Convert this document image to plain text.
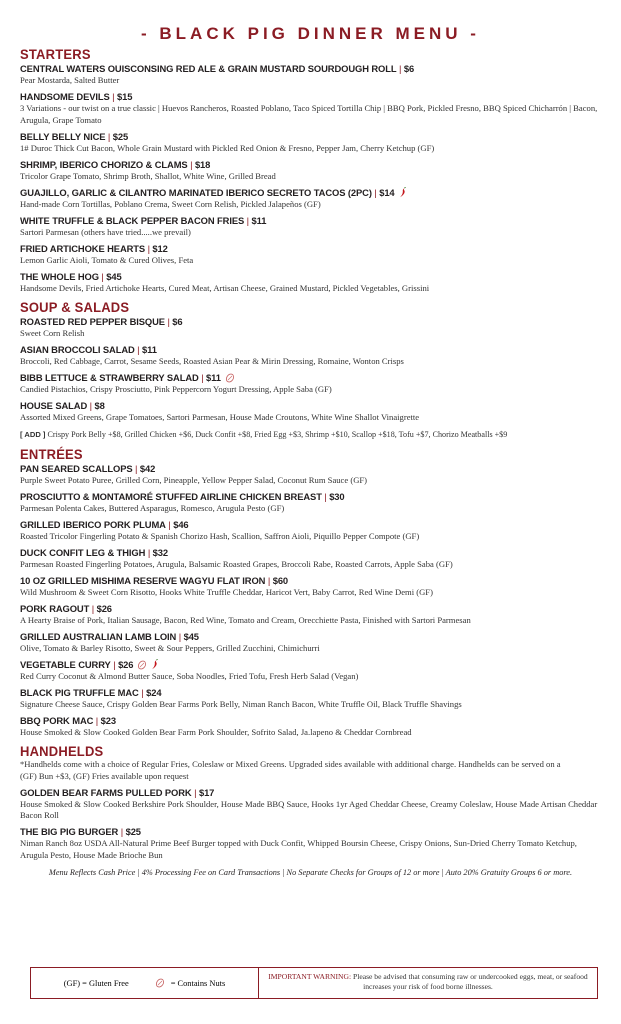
- BLACK PIG DINNER MENU -
STARTERS
CENTRAL WATERS OUISCONSING RED ALE & GRAIN MUSTARD SOURDOUGH ROLL | $6
Pear Mostarda, Salted Butter
HANDSOME DEVILS | $15
3 Variations - our twist on a true classic | Huevos Rancheros, Roasted Poblano, Taco Spiced Tortilla Chip | BBQ Pork, Pickled Fresno, BBQ Spiced Chicharrón | Bacon, Arugula, Grape Tomato
BELLY BELLY NICE | $25
1# Duroc Thick Cut Bacon, Whole Grain Mustard with Pickled Red Onion & Fresno, Pepper Jam, Cherry Ketchup (GF)
SHRIMP, IBERICO CHORIZO & CLAMS | $18
Tricolor Grape Tomato, Shrimp Broth, Shallot, White Wine, Grilled Bread
GUAJILLO, GARLIC & CILANTRO MARINATED IBERICO SECRETO TACOS (2PC) | $14
Hand-made Corn Tortillas, Poblano Crema, Sweet Corn Relish, Pickled Jalapeños (GF)
WHITE TRUFFLE & BLACK PEPPER BACON FRIES | $11
Sartori Parmesan (others have tried.....we prevail)
FRIED ARTICHOKE HEARTS | $12
Lemon Garlic Aioli, Tomato & Cured Olives, Feta
THE WHOLE HOG | $45
Handsome Devils, Fried Artichoke Hearts, Cured Meat, Artisan Cheese, Grained Mustard, Pickled Vegetables, Grissini
SOUP & SALADS
ROASTED RED PEPPER BISQUE | $6
Sweet Corn Relish
ASIAN BROCCOLI SALAD | $11
Broccoli, Red Cabbage, Carrot, Sesame Seeds, Roasted Asian Pear & Mirin Dressing, Romaine, Wonton Crisps
BIBB LETTUCE & STRAWBERRY SALAD | $11
Candied Pistachios, Crispy Prosciutto, Pink Peppercorn Yogurt Dressing, Apple Saba (GF)
HOUSE SALAD | $8
Assorted Mixed Greens, Grape Tomatoes, Sartori Parmesan, House Made Croutons, White Wine Shallot Vinaigrette
[ ADD ] Crispy Pork Belly +$8, Grilled Chicken +$6, Duck Confit +$8, Fried Egg +$3, Shrimp +$10, Scallop +$18, Tofu +$7, Chorizo Meatballs +$9
ENTRÉES
PAN SEARED SCALLOPS | $42
Purple Sweet Potato Puree, Grilled Corn, Pineapple, Yellow Pepper Salad, Coconut Rum Sauce (GF)
PROSCIUTTO & MONTAMORÉ STUFFED AIRLINE CHICKEN BREAST | $30
Parmesan Polenta Cakes, Buttered Asparagus, Romesco, Arugula Pesto (GF)
GRILLED IBERICO PORK PLUMA | $46
Roasted Tricolor Fingerling Potato & Spanish Chorizo Hash, Scallion, Saffron Aioli, Piquillo Pepper Compote (GF)
DUCK CONFIT LEG & THIGH | $32
Parmesan Roasted Fingerling Potatoes, Arugula, Balsamic Roasted Grapes, Broccoli Rabe, Roasted Carrots, Apple Saba (GF)
10 OZ GRILLED MISHIMA RESERVE WAGYU FLAT IRON | $60
Wild Mushroom & Sweet Corn Risotto, Hooks White Truffle Cheddar, Haricot Vert, Baby Carrot, Red Wine Demi (GF)
PORK RAGOUT | $26
A Hearty Braise of Pork, Italian Sausage, Bacon, Red Wine, Tomato and Cream, Orecchiette Pasta, Finished with Sartori Parmesan
GRILLED AUSTRALIAN LAMB LOIN | $45
Olive, Tomato & Barley Risotto, Sweet & Sour Peppers, Grilled Zucchini, Chimichurri
VEGETABLE CURRY | $26
Red Curry Coconut & Almond Butter Sauce, Soba Noodles, Fried Tofu, Fresh Herb Salad (Vegan)
BLACK PIG TRUFFLE MAC | $24
Signature Cheese Sauce, Crispy Golden Bear Farms Pork Belly, Niman Ranch Bacon, White Truffle Oil, Black Truffle Shavings
BBQ PORK MAC | $23
House Smoked & Slow Cooked Golden Bear Farm Pork Shoulder, Sofrito Salad, Ja.lapeno & Cheddar Cornbread
HANDHELDS
*Handhelds come with a choice of Regular Fries, Coleslaw or Mixed Greens. Upgraded sides available with additional charge. Handhelds can be served on a (GF) Bun +$3, (GF) Fries available upon request
GOLDEN BEAR FARMS PULLED PORK | $17
House Smoked & Slow Cooked Berkshire Pork Shoulder, House Made BBQ Sauce, Hooks 1yr Aged Cheddar Cheese, Creamy Coleslaw, House Made Artisan Cheddar Bacon Roll
THE BIG PIG BURGER | $25
Niman Ranch 8oz USDA All-Natural Prime Beef Burger topped with Duck Confit, Whipped Boursin Cheese, Crispy Onions, Sun-Dried Cherry Tomato Ketchup, Arugula Pesto, House Made Brioche Bun
Menu Reflects Cash Price | 4% Processing Fee on Card Transactions | No Separate Checks for Groups of 12 or more | Auto 20% Gratuity Groups 6 or more.
(GF) = Gluten Free	= Contains Nuts
IMPORTANT WARNING: Please be advised that consuming raw or undercooked eggs, meat, or seafood increases your risk of food borne illnesses.
